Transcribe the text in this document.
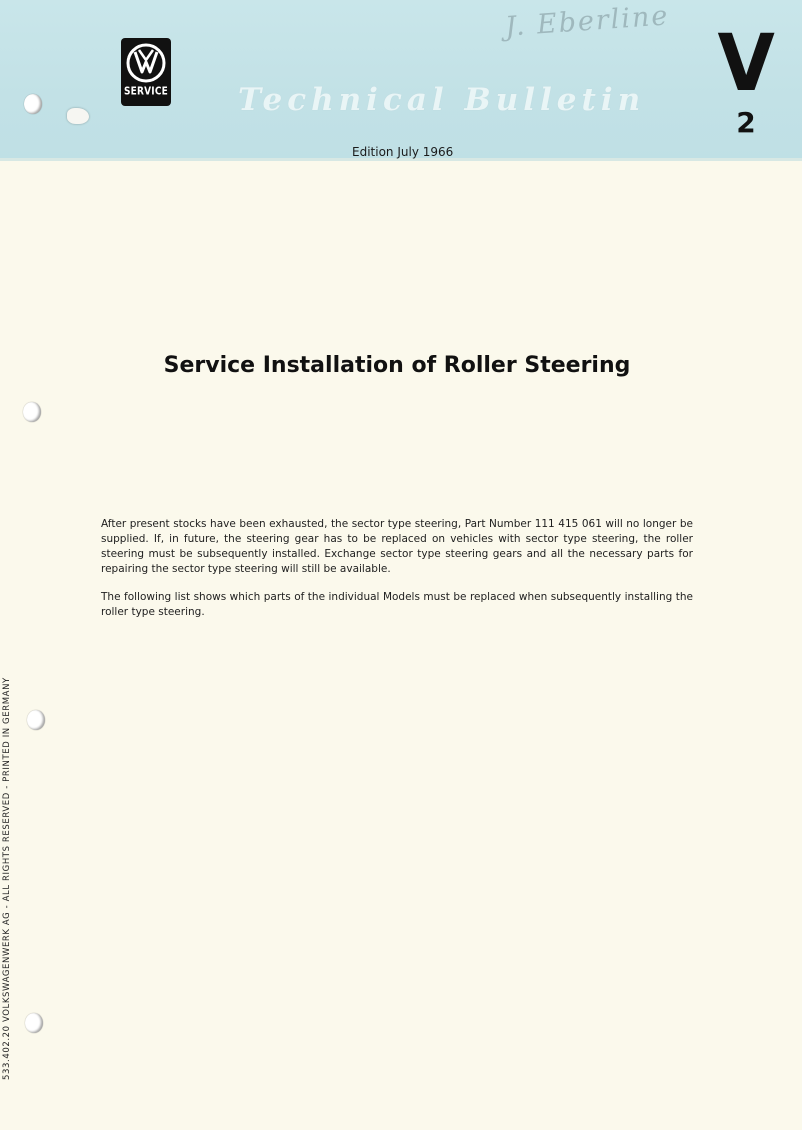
SERVICE Technical Bulletin
Edition July 1966
J. Eberline V
2
Service Installation of Roller Steering
After present stocks have been exhausted, the sector type steering, Part Number 111 415 061 will no longer be supplied. If, in future, the steering gear has to be replaced on vehicles with sector type steering, the roller steering must be subsequently installed. Exchange sector type steering gears and all the necessary parts for repairing the sector type steering will still be available.
The following list shows which parts of the individual Models must be replaced when subsequently installing the roller type steering.
533.402.20 VOLKSWAGENWERK AG - ALL RIGHTS RESERVED - PRINTED IN GERMANY
